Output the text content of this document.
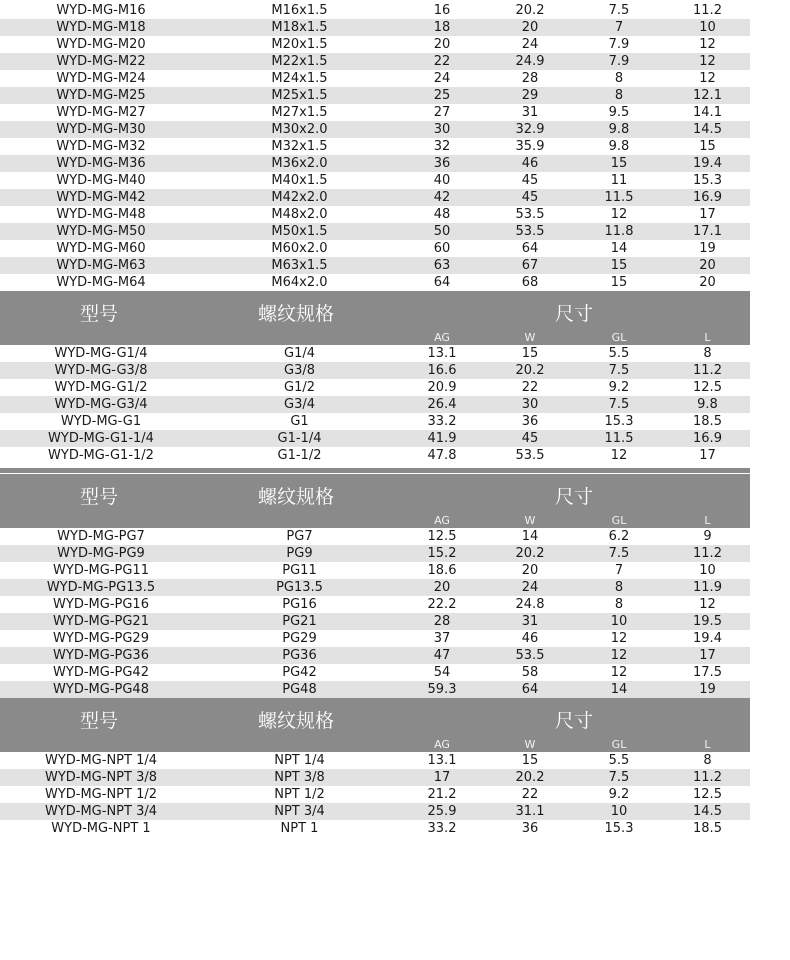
WYD-MG-M16	M16x1.5	16	20.2	7.5	11.2
WYD-MG-M18	M18x1.5	18	20	7	10
WYD-MG-M20	M20x1.5	20	24	7.9	12
WYD-MG-M22	M22x1.5	22	24.9	7.9	12
WYD-MG-M24	M24x1.5	24	28	8	12
WYD-MG-M25	M25x1.5	25	29	8	12.1
WYD-MG-M27	M27x1.5	27	31	9.5	14.1
WYD-MG-M30	M30x2.0	30	32.9	9.8	14.5
WYD-MG-M32	M32x1.5	32	35.9	9.8	15
WYD-MG-M36	M36x2.0	36	46	15	19.4
WYD-MG-M40	M40x1.5	40	45	11	15.3
WYD-MG-M42	M42x2.0	42	45	11.5	16.9
WYD-MG-M48	M48x2.0	48	53.5	12	17
WYD-MG-M50	M50x1.5	50	53.5	11.8	17.1
WYD-MG-M60	M60x2.0	60	64	14	19
WYD-MG-M63	M63x1.5	63	67	15	20
WYD-MG-M64	M64x2.0	64	68	15	20
型号	螺纹规格	尺寸
AG	W	GL	L
WYD-MG-G1/4	G1/4	13.1	15	5.5	8
WYD-MG-G3/8	G3/8	16.6	20.2	7.5	11.2
WYD-MG-G1/2	G1/2	20.9	22	9.2	12.5
WYD-MG-G3/4	G3/4	26.4	30	7.5	9.8
WYD-MG-G1	G1	33.2	36	15.3	18.5
WYD-MG-G1-1/4	G1-1/4	41.9	45	11.5	16.9
WYD-MG-G1-1/2	G1-1/2	47.8	53.5	12	17
型号	螺纹规格	尺寸
AG	W	GL	L
WYD-MG-PG7	PG7	12.5	14	6.2	9
WYD-MG-PG9	PG9	15.2	20.2	7.5	11.2
WYD-MG-PG11	PG11	18.6	20	7	10
WYD-MG-PG13.5	PG13.5	20	24	8	11.9
WYD-MG-PG16	PG16	22.2	24.8	8	12
WYD-MG-PG21	PG21	28	31	10	19.5
WYD-MG-PG29	PG29	37	46	12	19.4
WYD-MG-PG36	PG36	47	53.5	12	17
WYD-MG-PG42	PG42	54	58	12	17.5
WYD-MG-PG48	PG48	59.3	64	14	19
型号	螺纹规格	尺寸
AG	W	GL	L
WYD-MG-NPT 1/4	NPT 1/4	13.1	15	5.5	8
WYD-MG-NPT 3/8	NPT 3/8	17	20.2	7.5	11.2
WYD-MG-NPT 1/2	NPT 1/2	21.2	22	9.2	12.5
WYD-MG-NPT 3/4	NPT 3/4	25.9	31.1	10	14.5
WYD-MG-NPT 1	NPT 1	33.2	36	15.3	18.5
